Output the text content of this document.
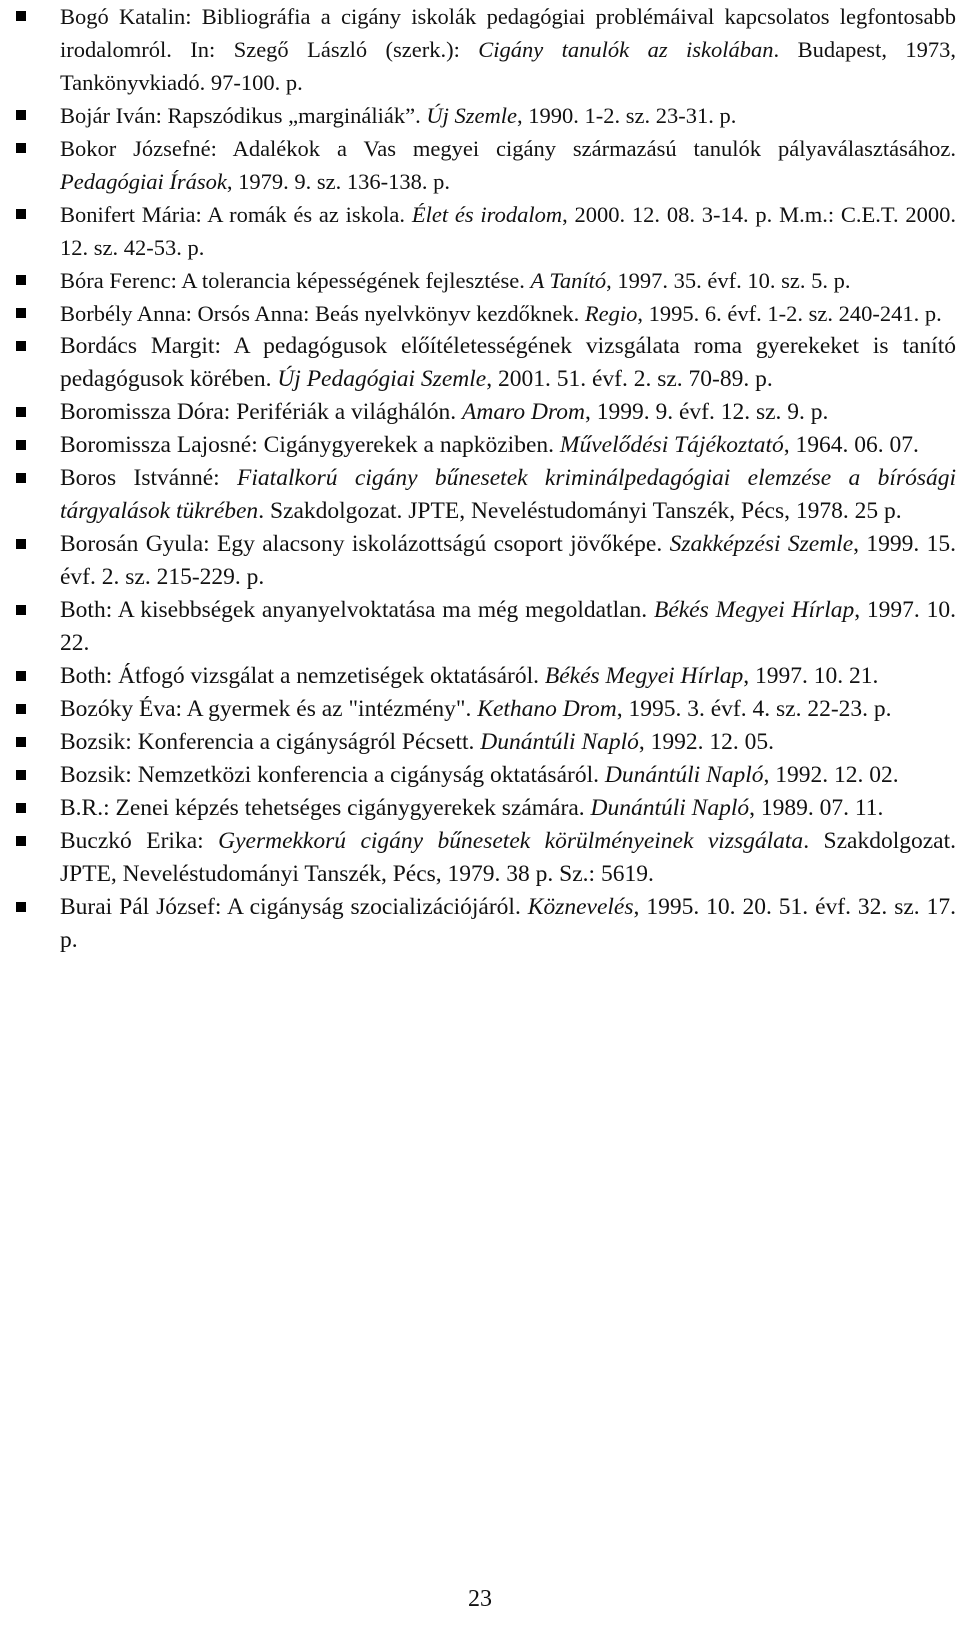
Bogó Katalin: Bibliográfia a cigány iskolák pedagógiai problémáival kapcsolatos legfontosabb irodalomról. In: Szegő László (szerk.): Cigány tanulók az iskolában. Budapest, 1973, Tankönyvkiadó. 97-100. p.
Bojár Iván: Rapszódikus „margináliák”. Új Szemle, 1990. 1-2. sz. 23-31. p.
Bokor Józsefné: Adalékok a Vas megyei cigány származású tanulók pályaválasztásához. Pedagógiai Írások, 1979. 9. sz. 136-138. p.
Bonifert Mária: A romák és az iskola. Élet és irodalom, 2000. 12. 08. 3-14. p. M.m.: C.E.T. 2000. 12. sz. 42-53. p.
Bóra Ferenc: A tolerancia képességének fejlesztése. A Tanító, 1997. 35. évf. 10. sz. 5. p.
Borbély Anna: Orsós Anna: Beás nyelvkönyv kezdőknek. Regio, 1995. 6. évf. 1-2. sz. 240-241. p.
Bordács Margit: A pedagógusok előítéletességének vizsgálata roma gyerekeket is tanító pedagógusok körében. Új Pedagógiai Szemle, 2001. 51. évf. 2. sz. 70-89. p.
Boromissza Dóra: Perifériák a világhálón. Amaro Drom, 1999. 9. évf. 12. sz. 9. p.
Boromissza Lajosné: Cigánygyerekek a napköziben. Művelődési Tájékoztató, 1964. 06. 07.
Boros Istvánné: Fiatalkorú cigány bűnesetek kriminálpedagógiai elemzése a bírósági tárgyalások tükrében. Szakdolgozat. JPTE, Neveléstudományi Tanszék, Pécs, 1978. 25 p.
Borosán Gyula: Egy alacsony iskolázottságú csoport jövőképe. Szakképzési Szemle, 1999. 15. évf. 2. sz. 215-229. p.
Both: A kisebbségek anyanyelvoktatása ma még megoldatlan. Békés Megyei Hírlap, 1997. 10. 22.
Both: Átfogó vizsgálat a nemzetiségek oktatásáról. Békés Megyei Hírlap, 1997. 10. 21.
Bozóky Éva: A gyermek és az "intézmény". Kethano Drom, 1995. 3. évf. 4. sz. 22-23. p.
Bozsik: Konferencia a cigányságról Pécsett. Dunántúli Napló, 1992. 12. 05.
Bozsik: Nemzetközi konferencia a cigányság oktatásáról. Dunántúli Napló, 1992. 12. 02.
B.R.: Zenei képzés tehetséges cigánygyerekek számára. Dunántúli Napló, 1989. 07. 11.
Buczkó Erika: Gyermekkorú cigány bűnesetek körülményeinek vizsgálata. Szakdolgozat. JPTE, Neveléstudományi Tanszék, Pécs, 1979. 38 p. Sz.: 5619.
Burai Pál József: A cigányság szocializációjáról. Köznevelés, 1995. 10. 20. 51. évf. 32. sz. 17. p.
23
